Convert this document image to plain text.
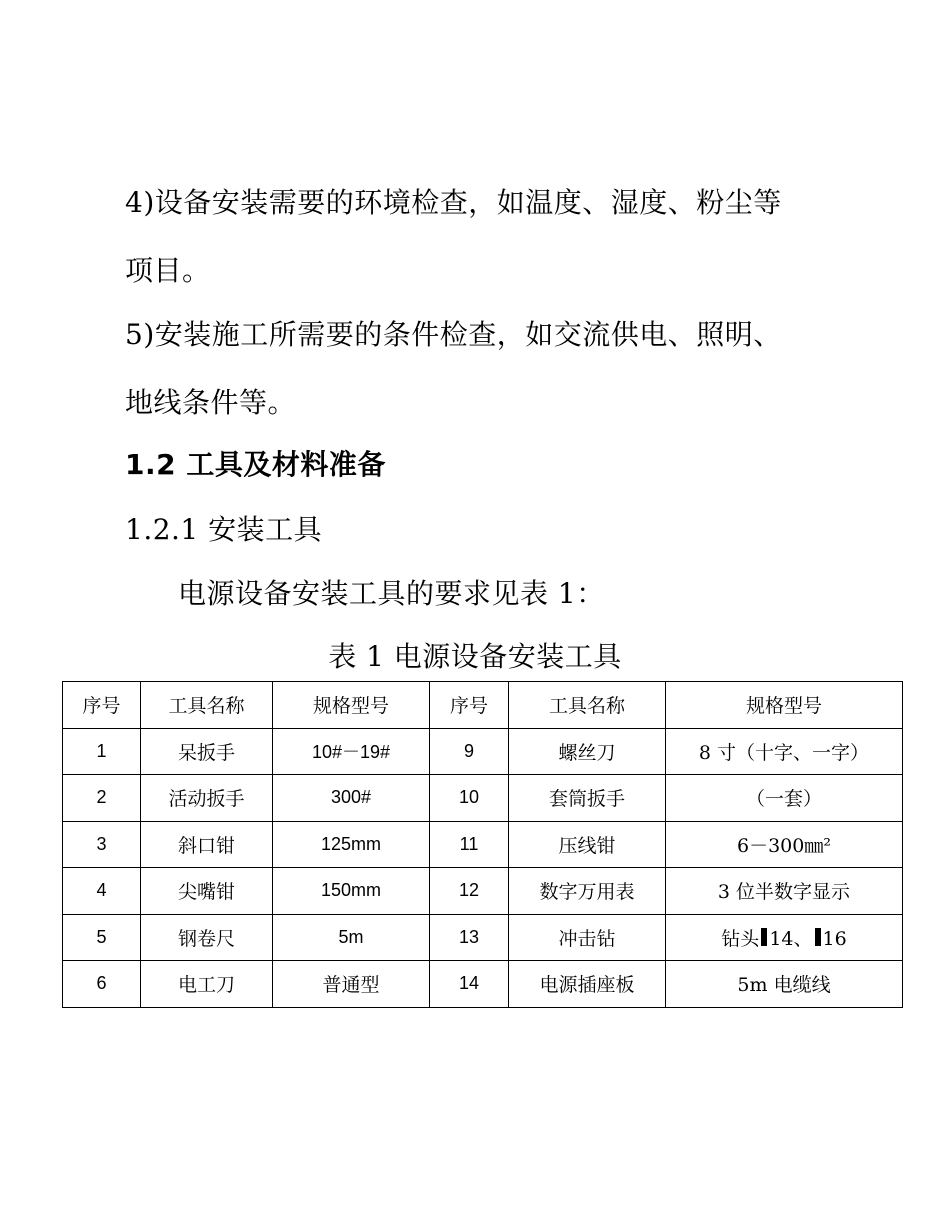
4)设备安装需要的环境检查，如温度、湿度、粉尘等
项目。
5)安装施工所需要的条件检查，如交流供电、照明、
地线条件等。
1.2 工具及材料准备
1.2.1 安装工具
电源设备安装工具的要求见表 1：
表 1 电源设备安装工具
序号	工具名称	规格型号	序号	工具名称	规格型号
1	呆扳手	10#－19#	9	螺丝刀	8 寸（十字、一字）
2	活动扳手	300#	10	套筒扳手	（一套）
3	斜口钳	125mm	11	压线钳	6－300㎜²
4	尖嘴钳	150mm	12	数字万用表	3 位半数字显示
5	钢卷尺	5m	13	冲击钻	钻头 14、 16
6	电工刀	普通型	14	电源插座板	5m 电缆线
